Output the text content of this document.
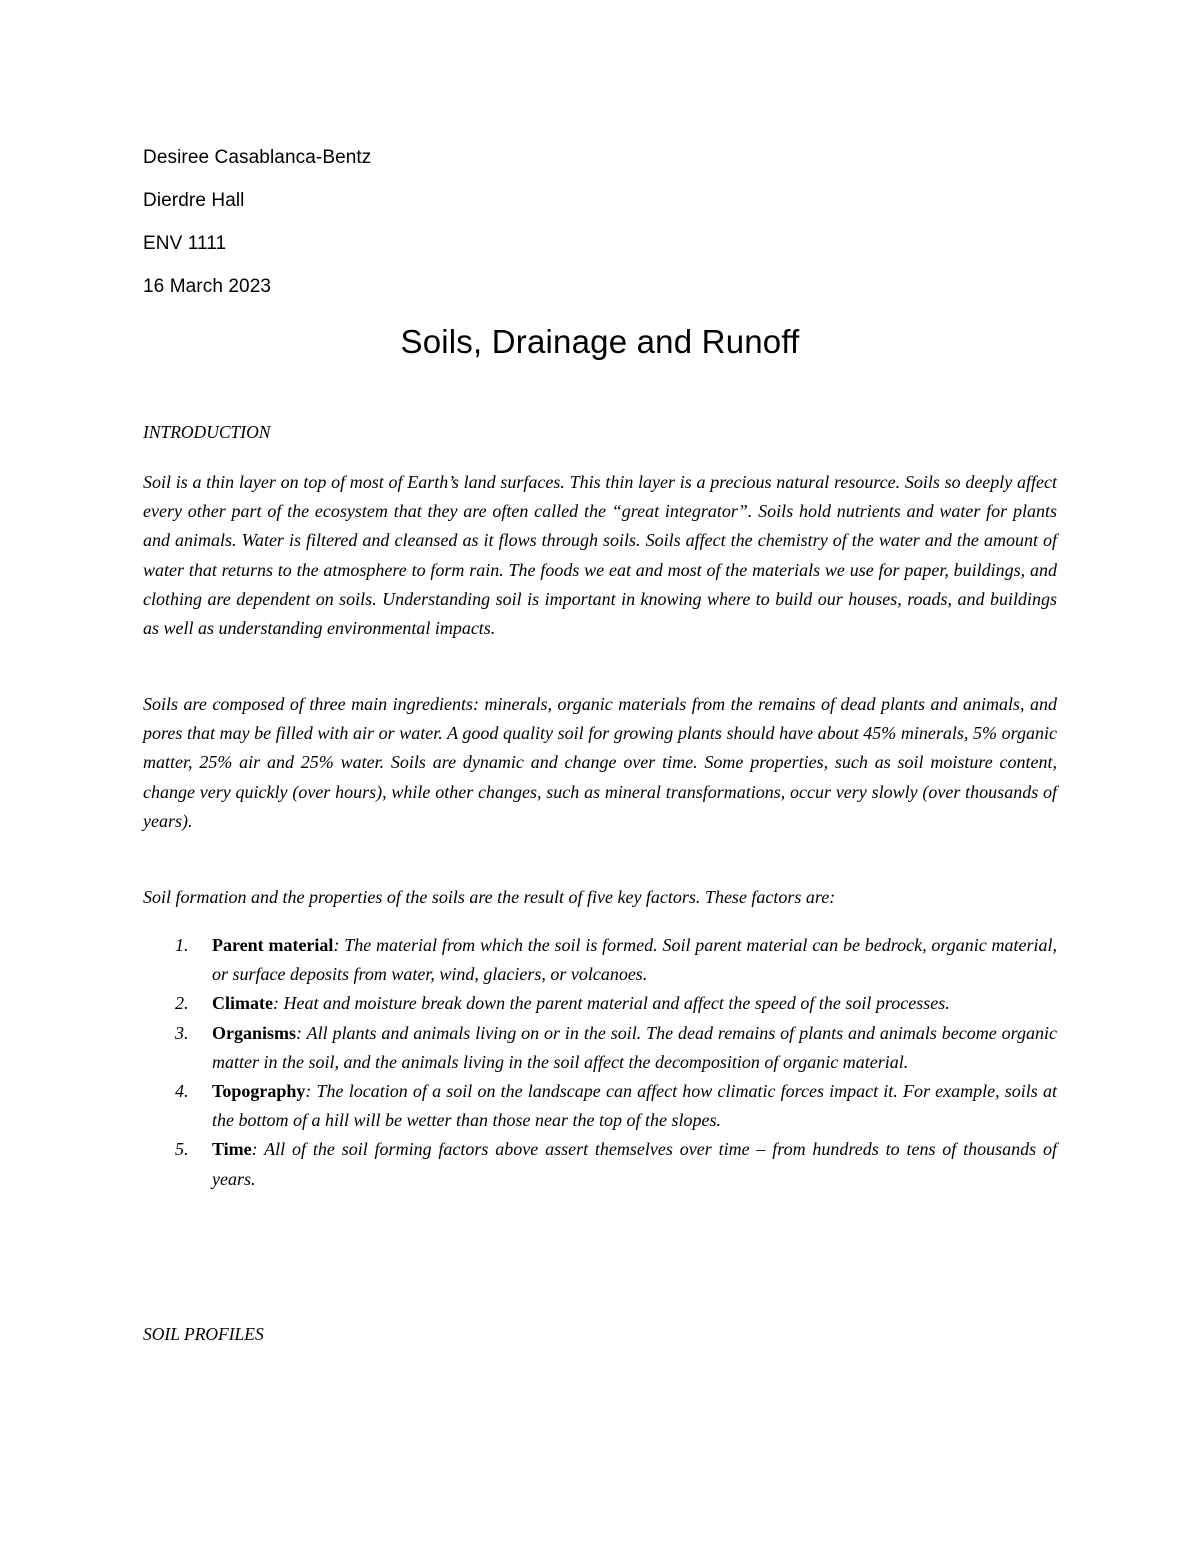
Desiree Casablanca-Bentz
Dierdre Hall
ENV 1111
16 March 2023
Soils, Drainage and Runoff
INTRODUCTION

Soil is a thin layer on top of most of Earth’s land surfaces. This thin layer is a precious natural resource. Soils so deeply affect every other part of the ecosystem that they are often called the “great integrator”. Soils hold nutrients and water for plants and animals. Water is filtered and cleansed as it flows through soils. Soils affect the chemistry of the water and the amount of water that returns to the atmosphere to form rain. The foods we eat and most of the materials we use for paper, buildings, and clothing are dependent on soils. Understanding soil is important in knowing where to build our houses, roads, and buildings as well as understanding environmental impacts.

Soils are composed of three main ingredients: minerals, organic materials from the remains of dead plants and animals, and pores that may be filled with air or water. A good quality soil for growing plants should have about 45% minerals, 5% organic matter, 25% air and 25% water. Soils are dynamic and change over time. Some properties, such as soil moisture content, change very quickly (over hours), while other changes, such as mineral transformations, occur very slowly (over thousands of years).

Soil formation and the properties of the soils are the result of five key factors. These factors are:

1. Parent material: The material from which the soil is formed. Soil parent material can be bedrock, organic material, or surface deposits from water, wind, glaciers, or volcanoes.
2. Climate: Heat and moisture break down the parent material and affect the speed of the soil processes.
3. Organisms: All plants and animals living on or in the soil. The dead remains of plants and animals become organic matter in the soil, and the animals living in the soil affect the decomposition of organic material.
4. Topography: The location of a soil on the landscape can affect how climatic forces impact it. For example, soils at the bottom of a hill will be wetter than those near the top of the slopes.
5. Time: All of the soil forming factors above assert themselves over time – from hundreds to tens of thousands of years.
SOIL PROFILES
